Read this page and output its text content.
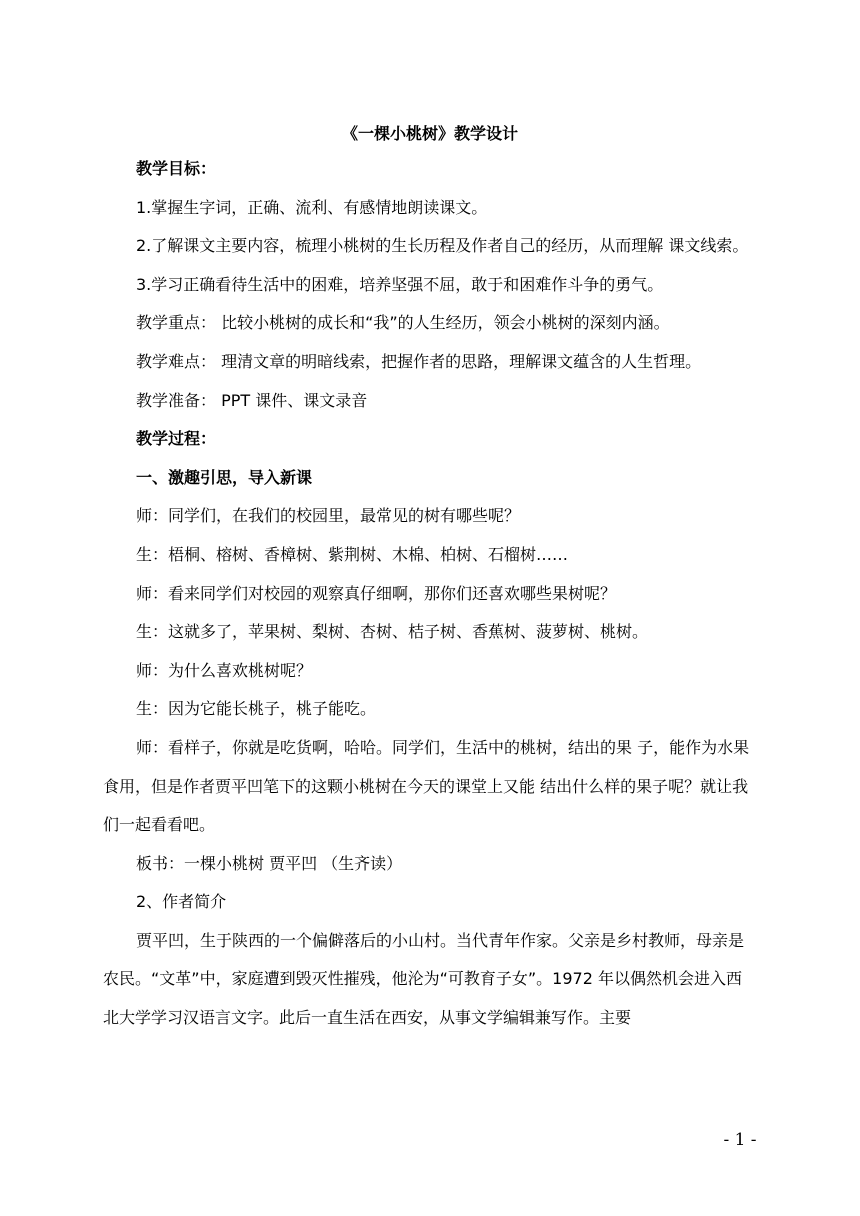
《一棵小桃树》教学设计

教学目标：

1.掌握生字词，正确、流利、有感情地朗读课文。

2.了解课文主要内容，梳理小桃树的生长历程及作者自己的经历，从而理解 课文线索。

3.学习正确看待生活中的困难，培养坚强不屈，敢于和困难作斗争的勇气。

教学重点： 比较小桃树的成长和“我”的人生经历，领会小桃树的深刻内涵。

教学难点： 理清文章的明暗线索，把握作者的思路，理解课文蕴含的人生哲理。

教学准备： PPT 课件、课文录音

教学过程：

一、激趣引思，导入新课

师：同学们，在我们的校园里，最常见的树有哪些呢？

生：梧桐、榕树、香樟树、紫荆树、木棉、柏树、石榴树……

师：看来同学们对校园的观察真仔细啊，那你们还喜欢哪些果树呢？

生：这就多了，苹果树、梨树、杏树、桔子树、香蕉树、菠萝树、桃树。

师：为什么喜欢桃树呢？

生：因为它能长桃子，桃子能吃。

师：看样子，你就是吃货啊，哈哈。同学们，生活中的桃树，结出的果 子，能作为水果食用，但是作者贾平凹笔下的这颗小桃树在今天的课堂上又能 结出什么样的果子呢？就让我们一起看看吧。

板书：一棵小桃树 贾平凹 （生齐读）

2、作者简介

贾平凹，生于陕西的一个偏僻落后的小山村。当代青年作家。父亲是乡村教师，母亲是农民。“文革”中，家庭遭到毁灭性摧残，他沦为“可教育子女”。1972 年以偶然机会进入西北大学学习汉语言文字。此后一直生活在西安，从事文学编辑兼写作。主要

- 1 -
